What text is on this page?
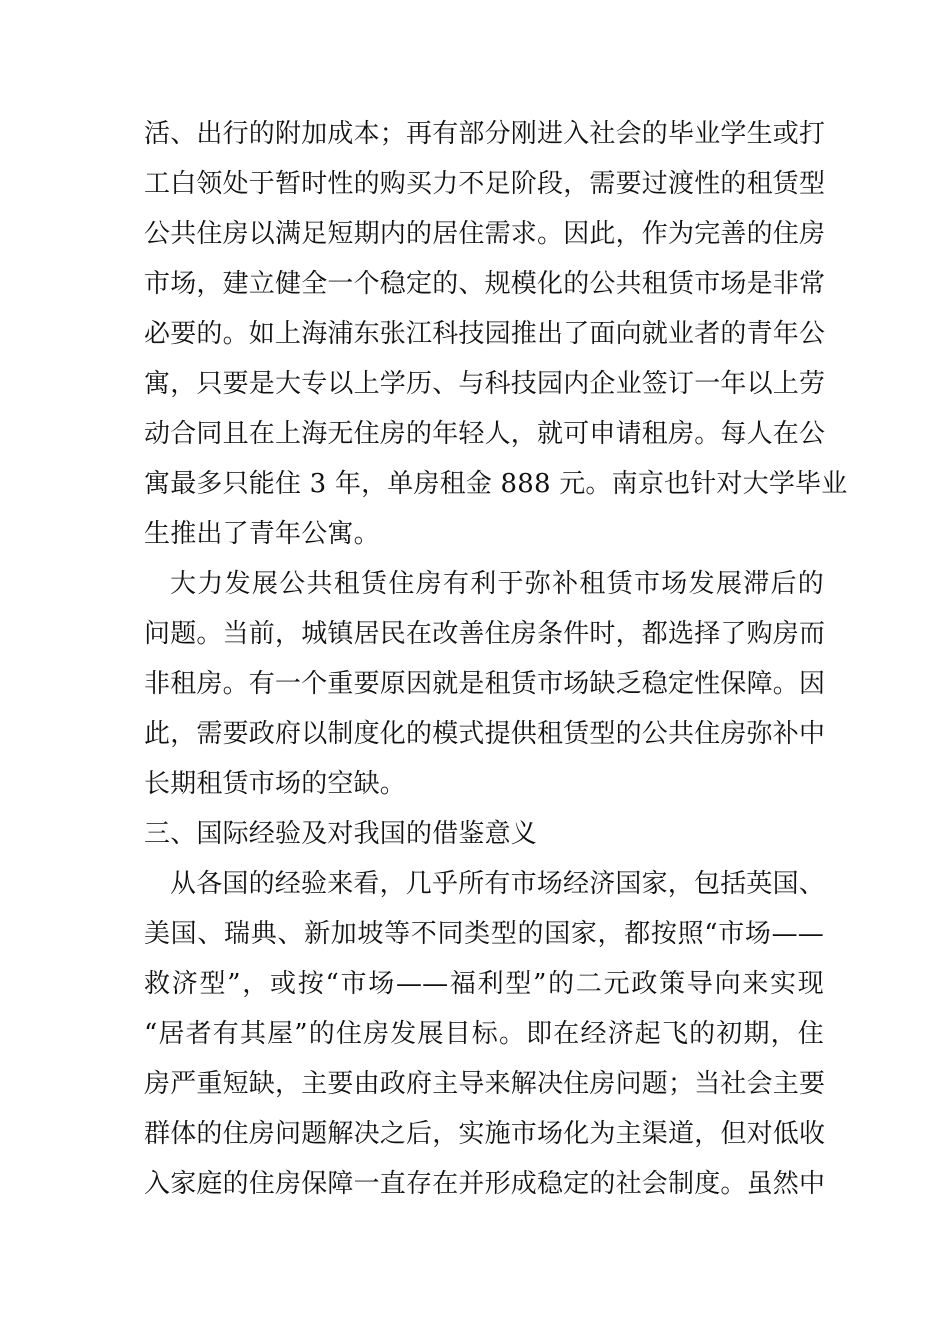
活、出行的附加成本；再有部分刚进入社会的毕业学生或打
工白领处于暂时性的购买力不足阶段，需要过渡性的租赁型
公共住房以满足短期内的居住需求。因此，作为完善的住房
市场，建立健全一个稳定的、规模化的公共租赁市场是非常
必要的。如上海浦东张江科技园推出了面向就业者的青年公
寓，只要是大专以上学历、与科技园内企业签订一年以上劳
动合同且在上海无住房的年轻人，就可申请租房。每人在公
寓最多只能住 3 年，单房租金 888 元。南京也针对大学毕业
生推出了青年公寓。
大力发展公共租赁住房有利于弥补租赁市场发展滞后的
问题。当前，城镇居民在改善住房条件时，都选择了购房而
非租房。有一个重要原因就是租赁市场缺乏稳定性保障。因
此，需要政府以制度化的模式提供租赁型的公共住房弥补中
长期租赁市场的空缺。
三、国际经验及对我国的借鉴意义
从各国的经验来看，几乎所有市场经济国家，包括英国、
美国、瑞典、新加坡等不同类型的国家，都按照“市场——
救济型”，或按“市场——福利型”的二元政策导向来实现
“居者有其屋”的住房发展目标。即在经济起飞的初期，住
房严重短缺，主要由政府主导来解决住房问题；当社会主要
群体的住房问题解决之后，实施市场化为主渠道，但对低收
入家庭的住房保障一直存在并形成稳定的社会制度。虽然中
